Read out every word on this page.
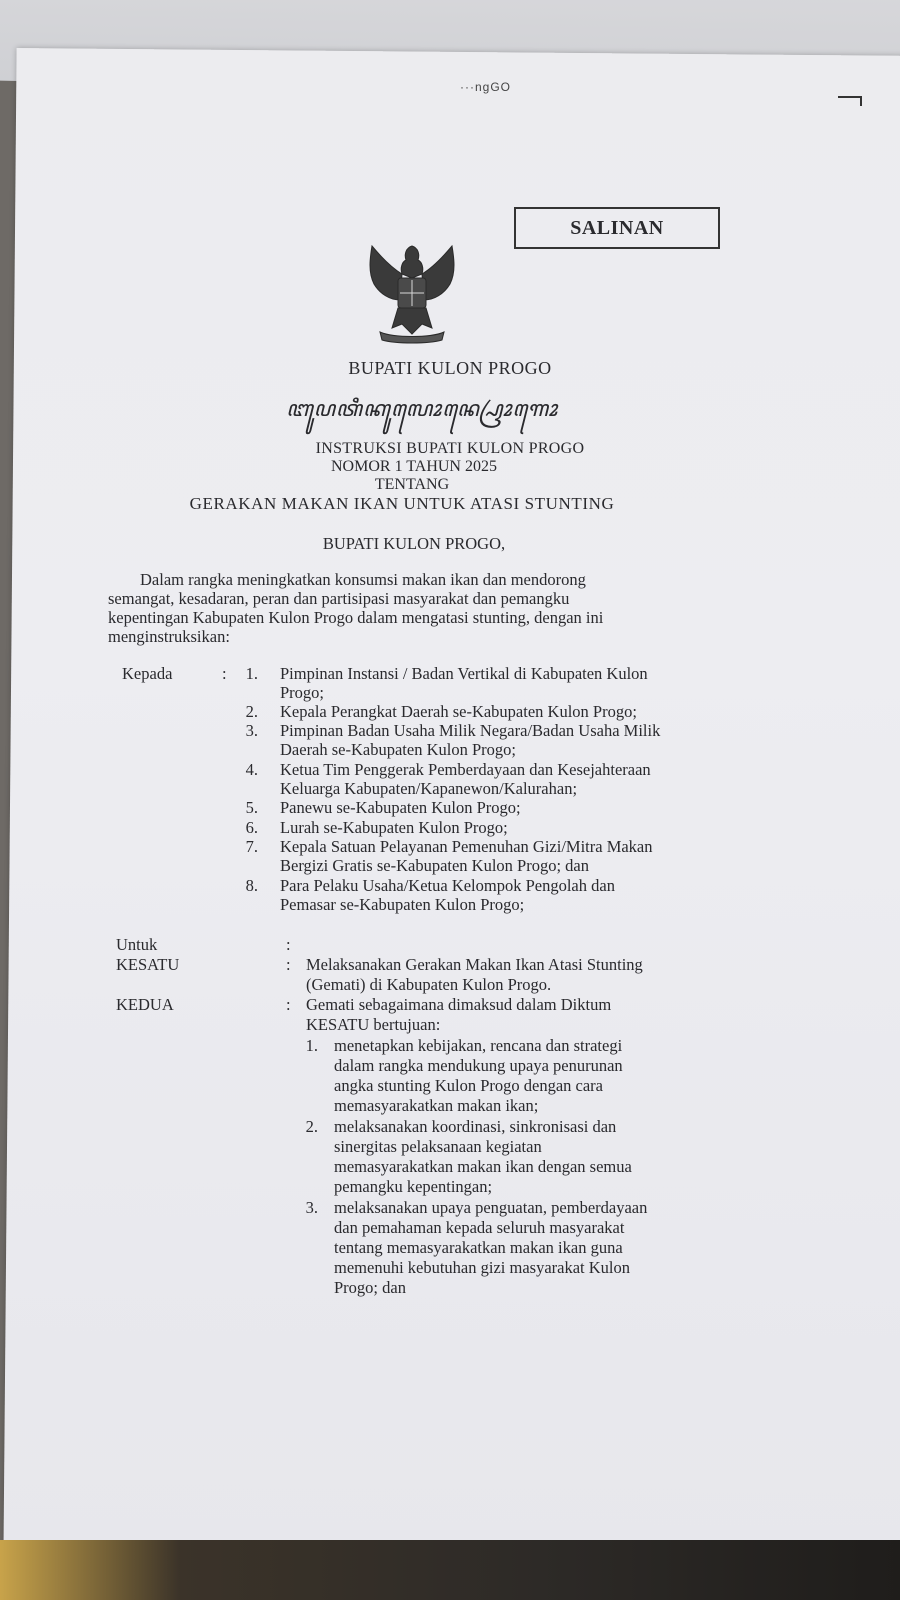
···ngGO
SALINAN
BUPATI KULON PROGO
ꦧꦸꦥꦠꦶꦏꦸꦭꦺꦴꦤ꧀ꦥꦿꦺꦴꦒꦺꦴ
INSTRUKSI BUPATI KULON PROGO
NOMOR 1 TAHUN 2025
TENTANG
GERAKAN MAKAN IKAN UNTUK ATASI STUNTING
BUPATI KULON PROGO,
Dalam rangka meningkatkan konsumsi makan ikan dan mendorong
semangat, kesadaran, peran dan partisipasi masyarakat dan pemangku
kepentingan Kabupaten Kulon Progo dalam mengatasi stunting, dengan ini
menginstruksikan:
Kepada	:	1. Pimpinan Instansi / Badan Vertikal di Kabupaten Kulon
Progo;
2. Kepala Perangkat Daerah se-Kabupaten Kulon Progo;
3. Pimpinan Badan Usaha Milik Negara/Badan Usaha Milik
Daerah se-Kabupaten Kulon Progo;
4. Ketua Tim Penggerak Pemberdayaan dan Kesejahteraan
Keluarga Kabupaten/Kapanewon/Kalurahan;
5. Panewu se-Kabupaten Kulon Progo;
6. Lurah se-Kabupaten Kulon Progo;
7. Kepala Satuan Pelayanan Pemenuhan Gizi/Mitra Makan
Bergizi Gratis se-Kabupaten Kulon Progo; dan
8. Para Pelaku Usaha/Ketua Kelompok Pengolah dan
Pemasar se-Kabupaten Kulon Progo;
Untuk	:
KESATU	: Melaksanakan Gerakan Makan Ikan Atasi Stunting
(Gemati) di Kabupaten Kulon Progo.
KEDUA	: Gemati sebagaimana dimaksud dalam Diktum
KESATU bertujuan:
1. menetapkan kebijakan, rencana dan strategi
dalam rangka mendukung upaya penurunan
angka stunting Kulon Progo dengan cara
memasyarakatkan makan ikan;
2. melaksanakan koordinasi, sinkronisasi dan
sinergitas pelaksanaan kegiatan
memasyarakatkan makan ikan dengan semua
pemangku kepentingan;
3. melaksanakan upaya penguatan, pemberdayaan
dan pemahaman kepada seluruh masyarakat
tentang memasyarakatkan makan ikan guna
memenuhi kebutuhan gizi masyarakat Kulon
Progo; dan
